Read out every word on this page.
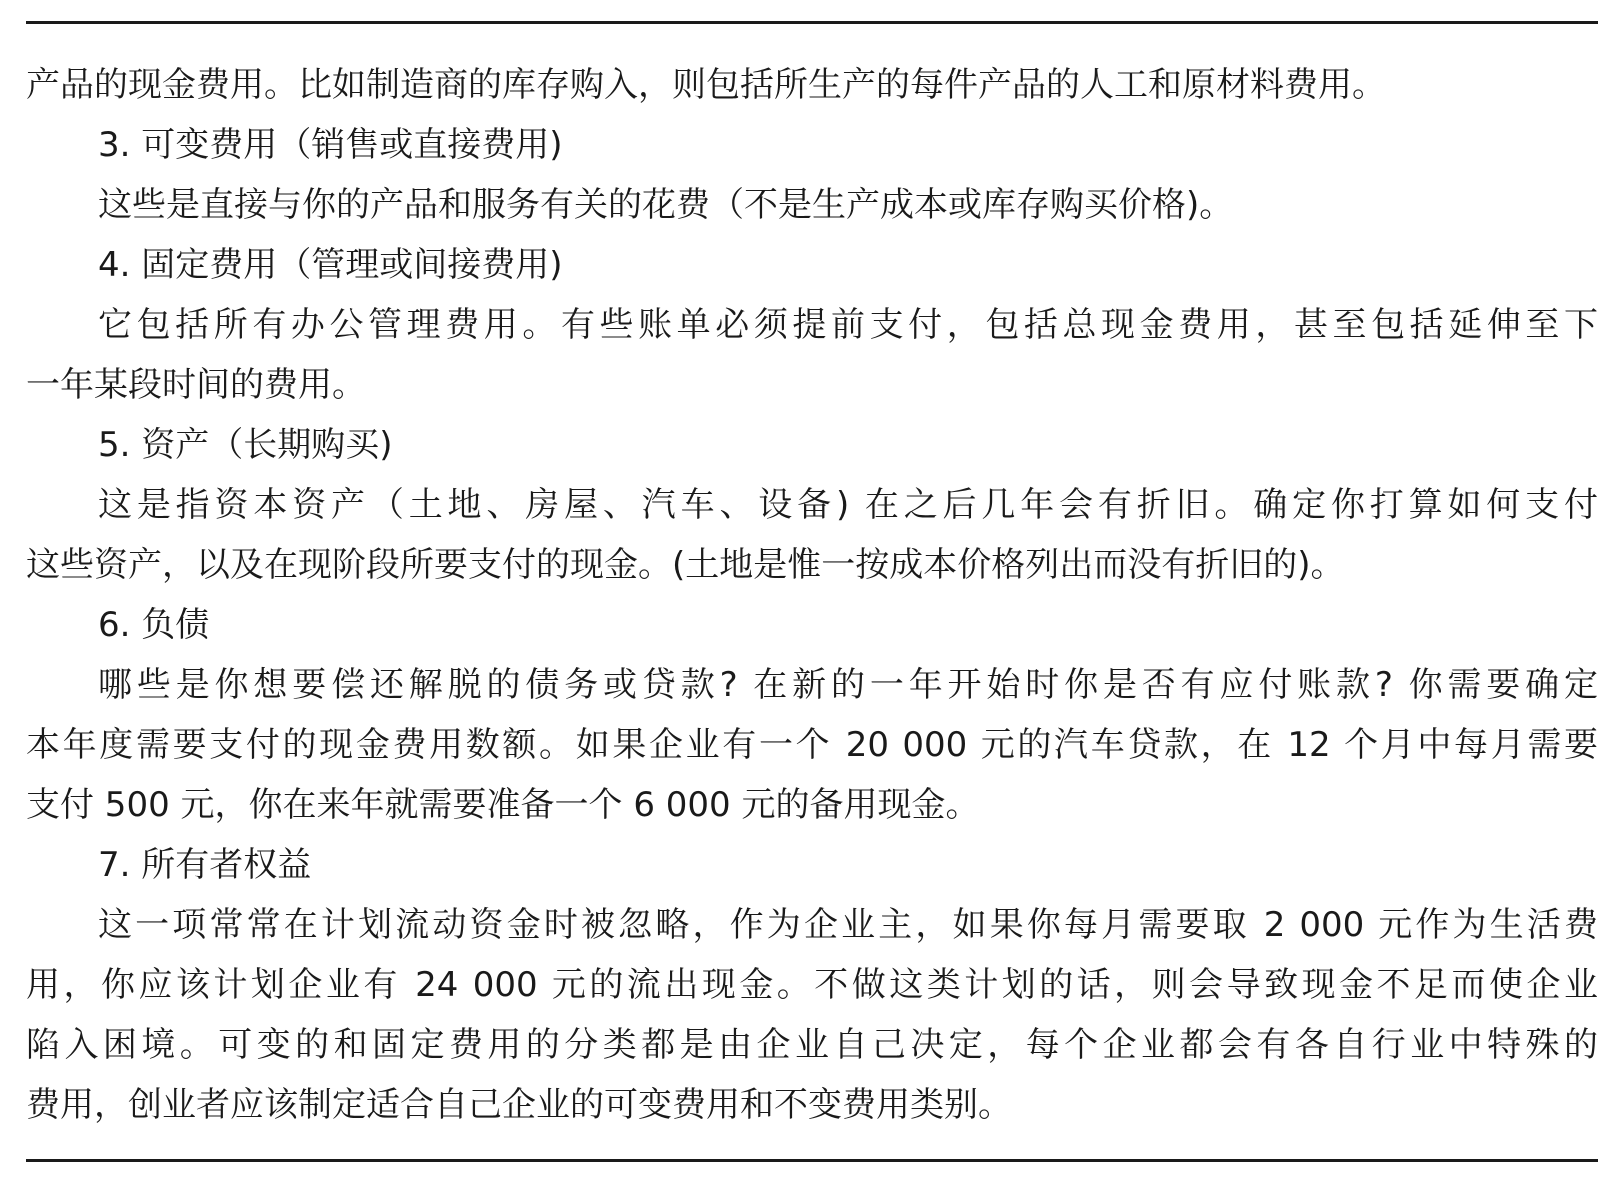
产品的现金费用。比如制造商的库存购入，则包括所生产的每件产品的人工和原材料费用。
3. 可变费用（销售或直接费用)
这些是直接与你的产品和服务有关的花费（不是生产成本或库存购买价格)。
4. 固定费用（管理或间接费用)
它包括所有办公管理费用。有些账单必须提前支付，包括总现金费用，甚至包括延伸至下
一年某段时间的费用。
5. 资产（长期购买)
这是指资本资产（土地、房屋、汽车、设备) 在之后几年会有折旧。确定你打算如何支付
这些资产，以及在现阶段所要支付的现金。(土地是惟一按成本价格列出而没有折旧的)。
6. 负债
哪些是你想要偿还解脱的债务或贷款? 在新的一年开始时你是否有应付账款? 你需要确定
本年度需要支付的现金费用数额。如果企业有一个 20 000 元的汽车贷款，在 12 个月中每月需要
支付 500 元，你在来年就需要准备一个 6 000 元的备用现金。
7. 所有者权益
这一项常常在计划流动资金时被忽略，作为企业主，如果你每月需要取 2 000 元作为生活费
用，你应该计划企业有 24 000 元的流出现金。不做这类计划的话，则会导致现金不足而使企业
陷入困境。可变的和固定费用的分类都是由企业自己决定，每个企业都会有各自行业中特殊的
费用，创业者应该制定适合自己企业的可变费用和不变费用类别。
